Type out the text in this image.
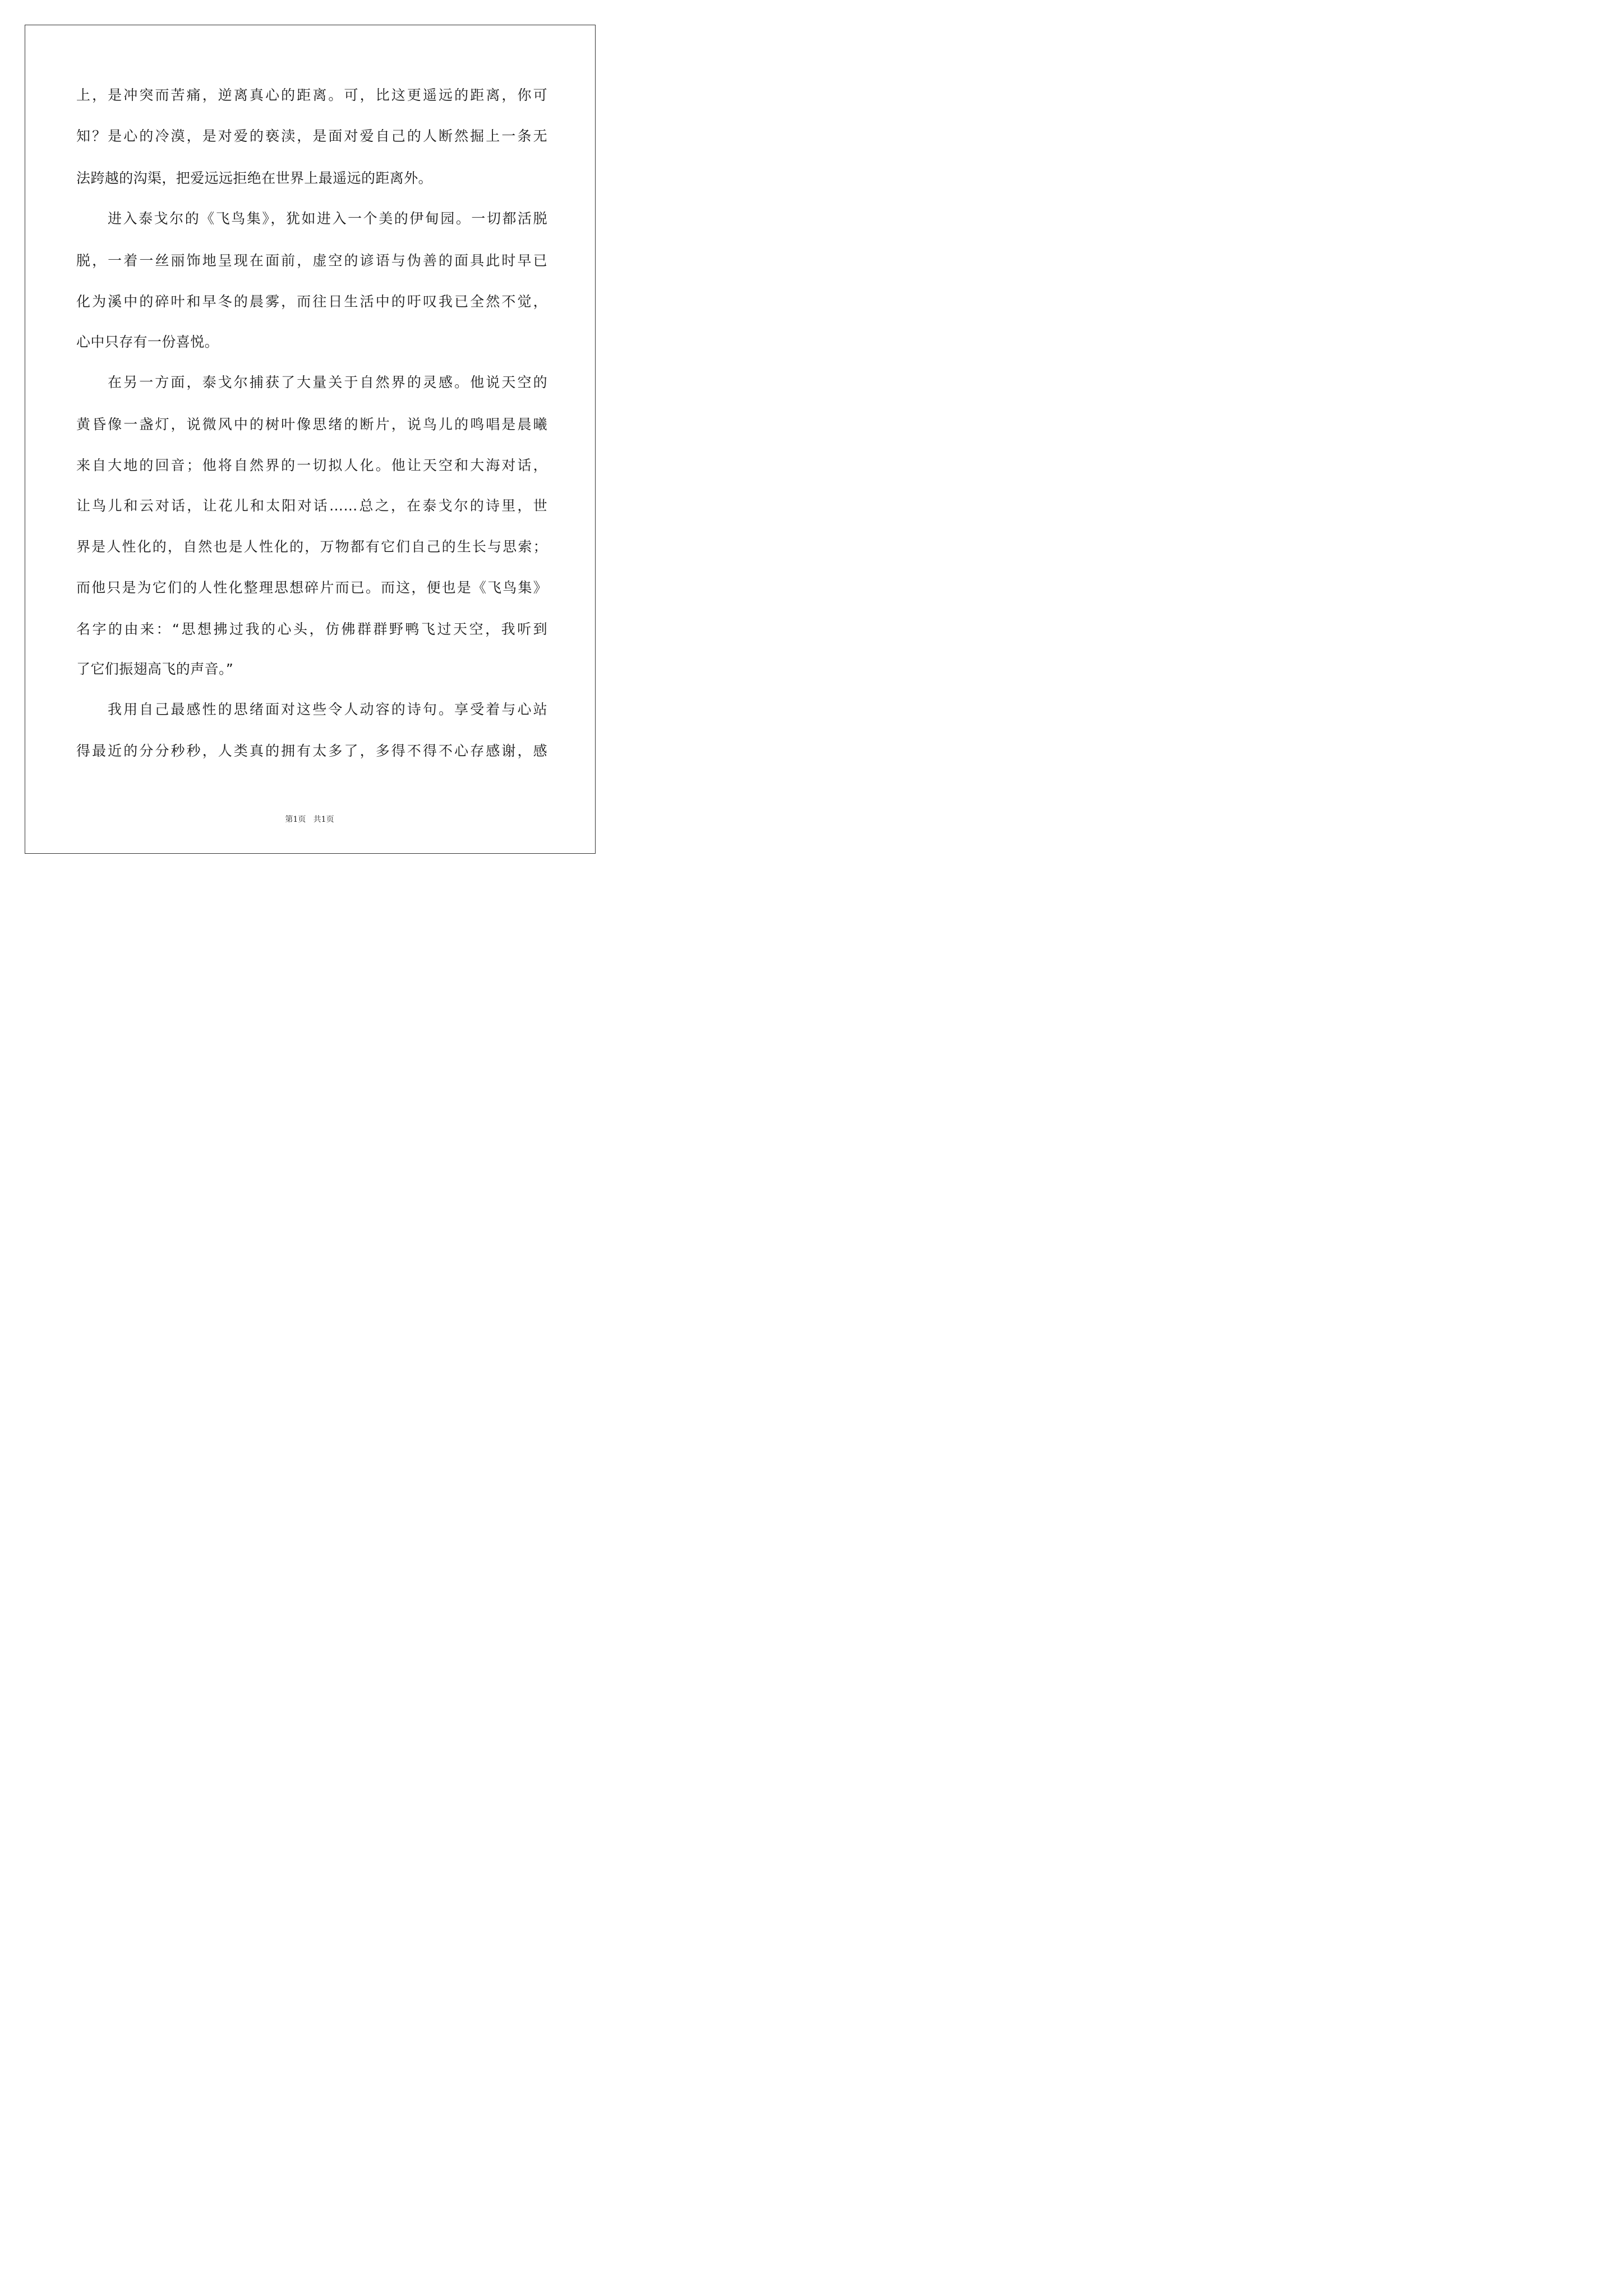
上，是冲突而苦痛，逆离真心的距离。可，比这更遥远的距离，你可
知？是心的冷漠，是对爱的亵渎，是面对爱自己的人断然掘上一条无
法跨越的沟渠，把爱远远拒绝在世界上最遥远的距离外。
进入泰戈尔的《飞鸟集》，犹如进入一个美的伊甸园。一切都活脱
脱，一着一丝丽饰地呈现在面前，虚空的谚语与伪善的面具此时早已
化为溪中的碎叶和早冬的晨雾，而往日生活中的吁叹我已全然不觉，
心中只存有一份喜悦。
在另一方面，泰戈尔捕获了大量关于自然界的灵感。他说天空的
黄昏像一盏灯，说微风中的树叶像思绪的断片，说鸟儿的鸣唱是晨曦
来自大地的回音；他将自然界的一切拟人化。他让天空和大海对话，
让鸟儿和云对话，让花儿和太阳对话……总之，在泰戈尔的诗里，世
界是人性化的，自然也是人性化的，万物都有它们自己的生长与思索；
而他只是为它们的人性化整理思想碎片而已。而这，便也是《飞鸟集》
名字的由来：“思想拂过我的心头，仿佛群群野鸭飞过天空，我听到
了它们振翅高飞的声音。”
我用自己最感性的思绪面对这些令人动容的诗句。享受着与心站
得最近的分分秒秒，人类真的拥有太多了，多得不得不心存感谢，感
第1页   共1页
